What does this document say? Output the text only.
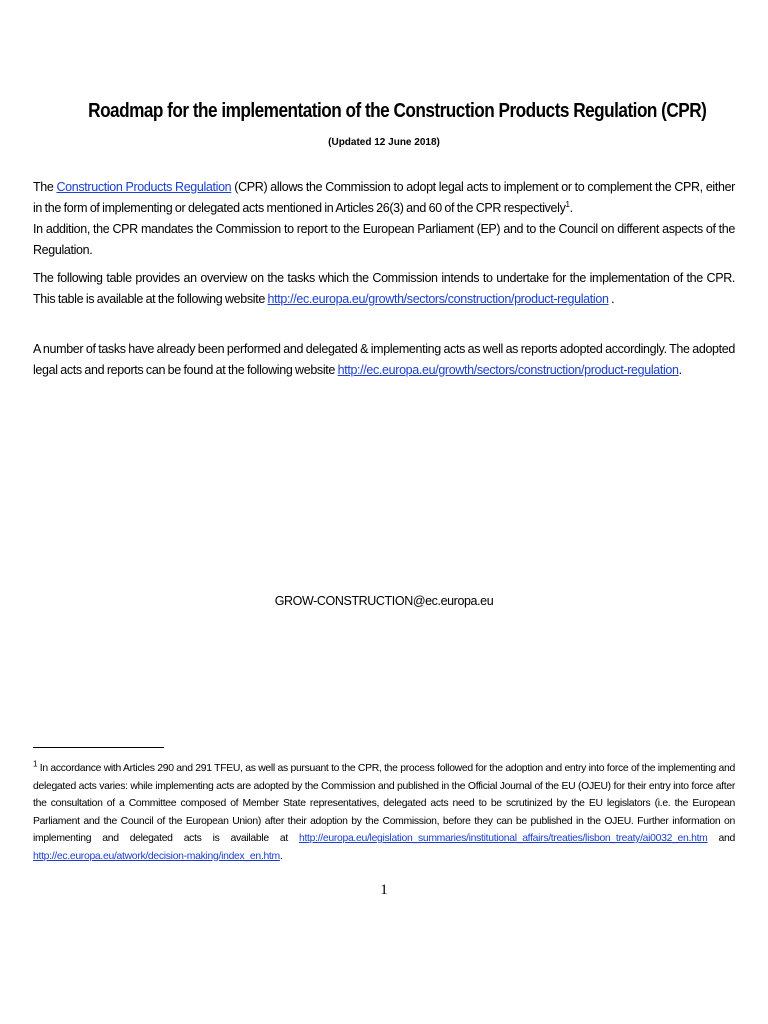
Roadmap for the implementation of the Construction Products Regulation (CPR)
(Updated 12 June 2018)
The Construction Products Regulation (CPR) allows the Commission to adopt legal acts to implement or to complement the CPR, either in the form of implementing or delegated acts mentioned in Articles 26(3) and 60 of the CPR respectively$^1$.
In addition, the CPR mandates the Commission to report to the European Parliament (EP) and to the Council on different aspects of the Regulation.
The following table provides an overview on the tasks which the Commission intends to undertake for the implementation of the CPR. This table is available at the following website http://ec.europa.eu/growth/sectors/construction/product-regulation .
A number of tasks have already been performed and delegated & implementing acts as well as reports adopted accordingly. The adopted legal acts and reports can be found at the following website http://ec.europa.eu/growth/sectors/construction/product-regulation.
GROW-CONSTRUCTION@ec.europa.eu
$^1$ In accordance with Articles 290 and 291 TFEU, as well as pursuant to the CPR, the process followed for the adoption and entry into force of the implementing and delegated acts varies: while implementing acts are adopted by the Commission and published in the Official Journal of the EU (OJEU) for their entry into force after the consultation of a Committee composed of Member State representatives, delegated acts need to be scrutinized by the EU legislators (i.e. the European Parliament and the Council of the European Union) after their adoption by the Commission, before they can be published in the OJEU. Further information on implementing and delegated acts is available at http://europa.eu/legislation_summaries/institutional_affairs/treaties/lisbon_treaty/ai0032_en.htm and http://ec.europa.eu/atwork/decision-making/index_en.htm.
1
